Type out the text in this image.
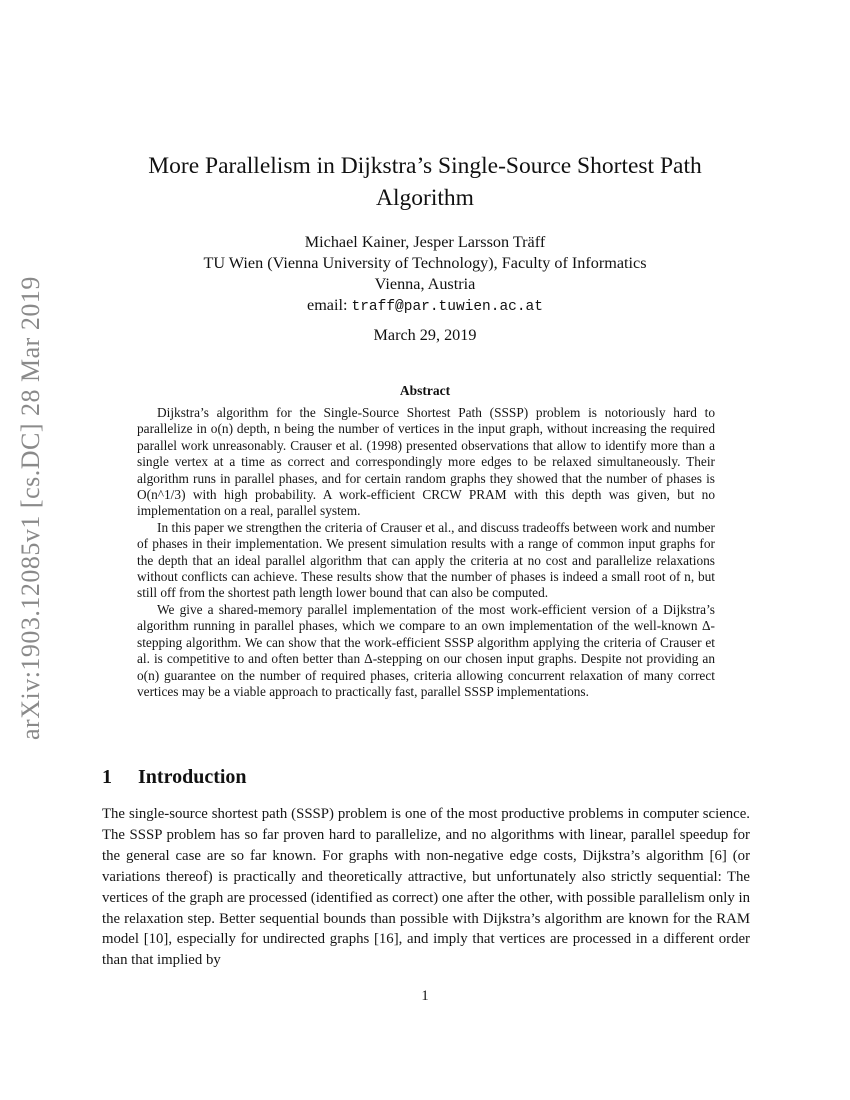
arXiv:1903.12085v1 [cs.DC] 28 Mar 2019
More Parallelism in Dijkstra’s Single-Source Shortest Path Algorithm
Michael Kainer, Jesper Larsson Träff
TU Wien (Vienna University of Technology), Faculty of Informatics
Vienna, Austria
email: traff@par.tuwien.ac.at
March 29, 2019
Abstract

Dijkstra’s algorithm for the Single-Source Shortest Path (SSSP) problem is notoriously hard to parallelize in o(n) depth, n being the number of vertices in the input graph, without increasing the required parallel work unreasonably. Crauser et al. (1998) presented observations that allow to identify more than a single vertex at a time as correct and correspondingly more edges to be relaxed simultaneously. Their algorithm runs in parallel phases, and for certain random graphs they showed that the number of phases is O(n^1/3) with high probability. A work-efficient CRCW PRAM with this depth was given, but no implementation on a real, parallel system.

In this paper we strengthen the criteria of Crauser et al., and discuss tradeoffs between work and number of phases in their implementation. We present simulation results with a range of common input graphs for the depth that an ideal parallel algorithm that can apply the criteria at no cost and parallelize relaxations without conflicts can achieve. These results show that the number of phases is indeed a small root of n, but still off from the shortest path length lower bound that can also be computed.

We give a shared-memory parallel implementation of the most work-efficient version of a Dijkstra’s algorithm running in parallel phases, which we compare to an own implementation of the well-known Δ-stepping algorithm. We can show that the work-efficient SSSP algorithm applying the criteria of Crauser et al. is competitive to and often better than Δ-stepping on our chosen input graphs. Despite not providing an o(n) guarantee on the number of required phases, criteria allowing concurrent relaxation of many correct vertices may be a viable approach to practically fast, parallel SSSP implementations.

1 Introduction

The single-source shortest path (SSSP) problem is one of the most productive problems in computer science. The SSSP problem has so far proven hard to parallelize, and no algorithms with linear, parallel speedup for the general case are so far known. For graphs with non-negative edge costs, Dijkstra’s algorithm [6] (or variations thereof) is practically and theoretically attractive, but unfortunately also strictly sequential: The vertices of the graph are processed (identified as correct) one after the other, with possible parallelism only in the relaxation step. Better sequential bounds than possible with Dijkstra’s algorithm are known for the RAM model [10], especially for undirected graphs [16], and imply that vertices are processed in a different order than that implied by

1
